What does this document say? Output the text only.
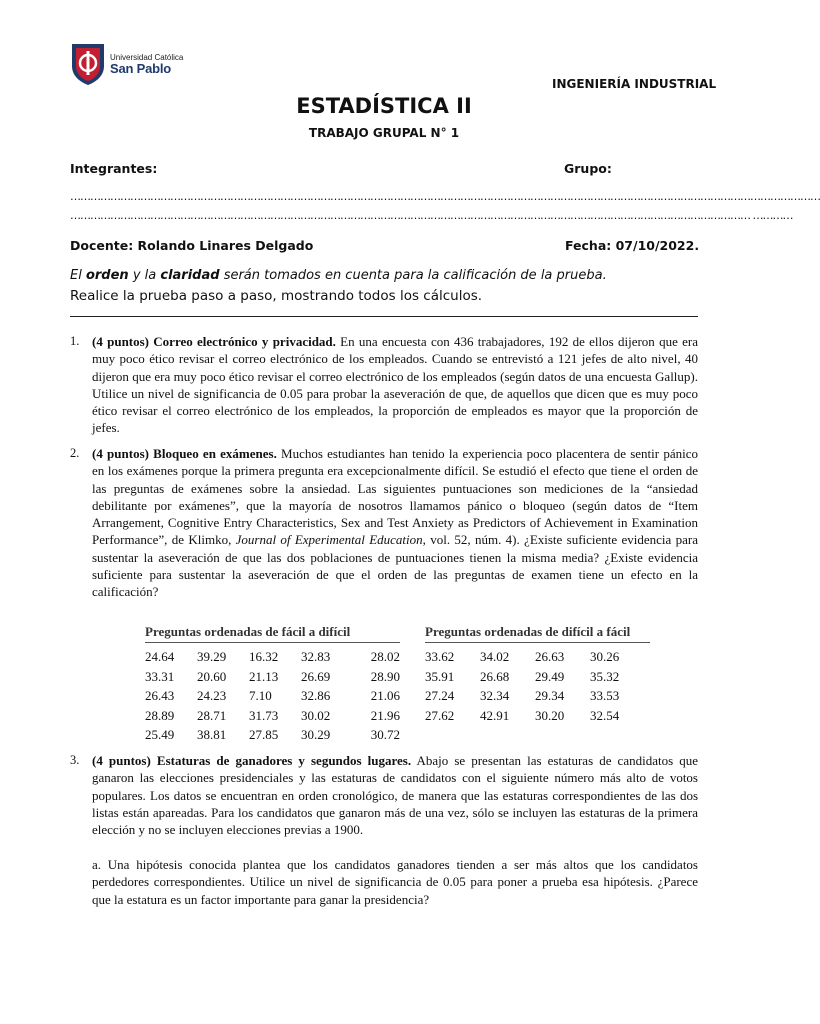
Universidad Católica
San Pablo
INGENIERÍA INDUSTRIAL
ESTADÍSTICA II
TRABAJO GRUPAL N° 1
Integrantes:	Grupo:
………………………………………………………………………………………………………………………………………………………………………………………………………
…………………………………………………………………………………………………………………………………………………………………………………… …………
Docente: Rolando Linares Delgado	Fecha: 07/10/2022.
El orden y la claridad serán tomados en cuenta para la calificación de la prueba.
Realice la prueba paso a paso, mostrando todos los cálculos.
1. (4 puntos) Correo electrónico y privacidad. En una encuesta con 436 trabajadores, 192 de ellos dijeron que era muy poco ético revisar el correo electrónico de los empleados. Cuando se entrevistó a 121 jefes de alto nivel, 40 dijeron que era muy poco ético revisar el correo electrónico de los empleados (según datos de una encuesta Gallup). Utilice un nivel de significancia de 0.05 para probar la aseveración de que, de aquellos que dicen que es muy poco ético revisar el correo electrónico de los empleados, la proporción de empleados es mayor que la proporción de jefes.
2. (4 puntos) Bloqueo en exámenes. Muchos estudiantes han tenido la experiencia poco placentera de sentir pánico en los exámenes porque la primera pregunta era excepcionalmente difícil. Se estudió el efecto que tiene el orden de las preguntas de exámenes sobre la ansiedad. Las siguientes puntuaciones son mediciones de la “ansiedad debilitante por exámenes”, que la mayoría de nosotros llamamos pánico o bloqueo (según datos de “Item Arrangement, Cognitive Entry Characteristics, Sex and Test Anxiety as Predictors of Achievement in Examination Performance”, de Klimko, Journal of Experimental Education, vol. 52, núm. 4). ¿Existe suficiente evidencia para sustentar la aseveración de que las dos poblaciones de puntuaciones tienen la misma media? ¿Existe evidencia suficiente para sustentar la aseveración de que el orden de las preguntas de examen tiene un efecto en la calificación?
Preguntas ordenadas de fácil a difícil
24.64	39.29	16.32	32.83	28.02
33.31	20.60	21.13	26.69	28.90
26.43	24.23	7.10	32.86	21.06
28.89	28.71	31.73	30.02	21.96
25.49	38.81	27.85	30.29	30.72
Preguntas ordenadas de difícil a fácil
33.62	34.02	26.63	30.26
35.91	26.68	29.49	35.32
27.24	32.34	29.34	33.53
27.62	42.91	30.20	32.54
3. (4 puntos) Estaturas de ganadores y segundos lugares. Abajo se presentan las estaturas de candidatos que ganaron las elecciones presidenciales y las estaturas de candidatos con el siguiente número más alto de votos populares. Los datos se encuentran en orden cronológico, de manera que las estaturas correspondientes de las dos listas están apareadas. Para los candidatos que ganaron más de una vez, sólo se incluyen las estaturas de la primera elección y no se incluyen elecciones previas a 1900.
a. Una hipótesis conocida plantea que los candidatos ganadores tienden a ser más altos que los candidatos perdedores correspondientes. Utilice un nivel de significancia de 0.05 para poner a prueba esa hipótesis. ¿Parece que la estatura es un factor importante para ganar la presidencia?
